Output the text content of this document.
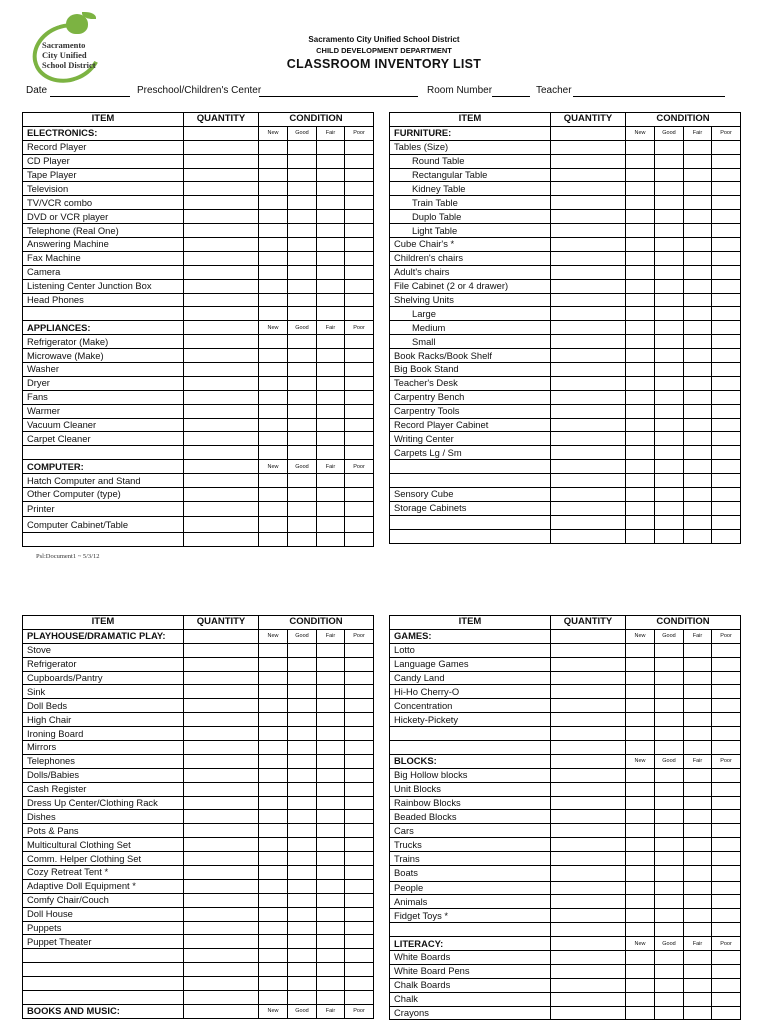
Sacramento
City Unified
School District
Sacramento City Unified School District
CHILD DEVELOPMENT DEPARTMENT
CLASSROOM INVENTORY LIST
Date	Preschool/Children's Center	Room Number	Teacher
ITEM	QUANTITY	CONDITION			
ELECTRONICS:		New	Good	Fair	Poor
Record Player					
CD Player					
Tape Player					
Television					
TV/VCR combo					
DVD or VCR player					
Telephone (Real One)					
Answering Machine					
Fax Machine					
Camera					
Listening Center Junction Box					
Head Phones					

APPLIANCES:		New	Good	Fair	Poor
Refrigerator (Make)					
Microwave (Make)					
Washer					
Dryer					
Fans					
Warmer					
Vacuum Cleaner					
Carpet Cleaner					

COMPUTER:		New	Good	Fair	Poor
Hatch Computer and Stand					
Other Computer (type)					
Printer					
Computer Cabinet/Table					

ITEM	QUANTITY	CONDITION			
FURNITURE:		New	Good	Fair	Poor
Tables (Size)					
Round Table					
Rectangular Table					
Kidney Table					
Train Table					
Duplo Table					
Light Table					
Cube Chair's *					
Children's chairs					
Adult's chairs					
File Cabinet (2 or 4 drawer)					
Shelving Units					
Large					
Medium					
Small					
Book Racks/Book Shelf					
Big Book Stand					
Teacher's Desk					
Carpentry Bench					
Carpentry Tools					
Record Player Cabinet					
Writing Center					
Carpets Lg / Sm					

Sensory Cube					
Storage Cabinets					

Psl:Document1 ~ 5/3/12
ITEM	QUANTITY	CONDITION			
PLAYHOUSE/DRAMATIC PLAY:		New	Good	Fair	Poor
Stove					
Refrigerator					
Cupboards/Pantry					
Sink					
Doll Beds					
High Chair					
Ironing Board					
Mirrors					
Telephones					
Dolls/Babies					
Cash Register					
Dress Up Center/Clothing Rack					
Dishes					
Pots & Pans					
Multicultural Clothing Set					
Comm. Helper Clothing Set					
Cozy Retreat Tent *					
Adaptive Doll Equipment *					
Comfy Chair/Couch					
Doll House					
Puppets					
Puppet Theater					

BOOKS AND MUSIC:		New	Good	Fair	Poor
ITEM	QUANTITY	CONDITION			
GAMES:		New	Good	Fair	Poor
Lotto					
Language Games					
Candy Land					
Hi-Ho Cherry-O					
Concentration					
Hickety-Pickety					

BLOCKS:		New	Good	Fair	Poor
Big Hollow blocks					
Unit Blocks					
Rainbow Blocks					
Beaded Blocks					
Cars					
Trucks					
Trains					
Boats					
People					
Animals					
Fidget Toys *					

LITERACY:		New	Good	Fair	Poor
White Boards					
White Board Pens					
Chalk Boards					
Chalk					
Crayons					
